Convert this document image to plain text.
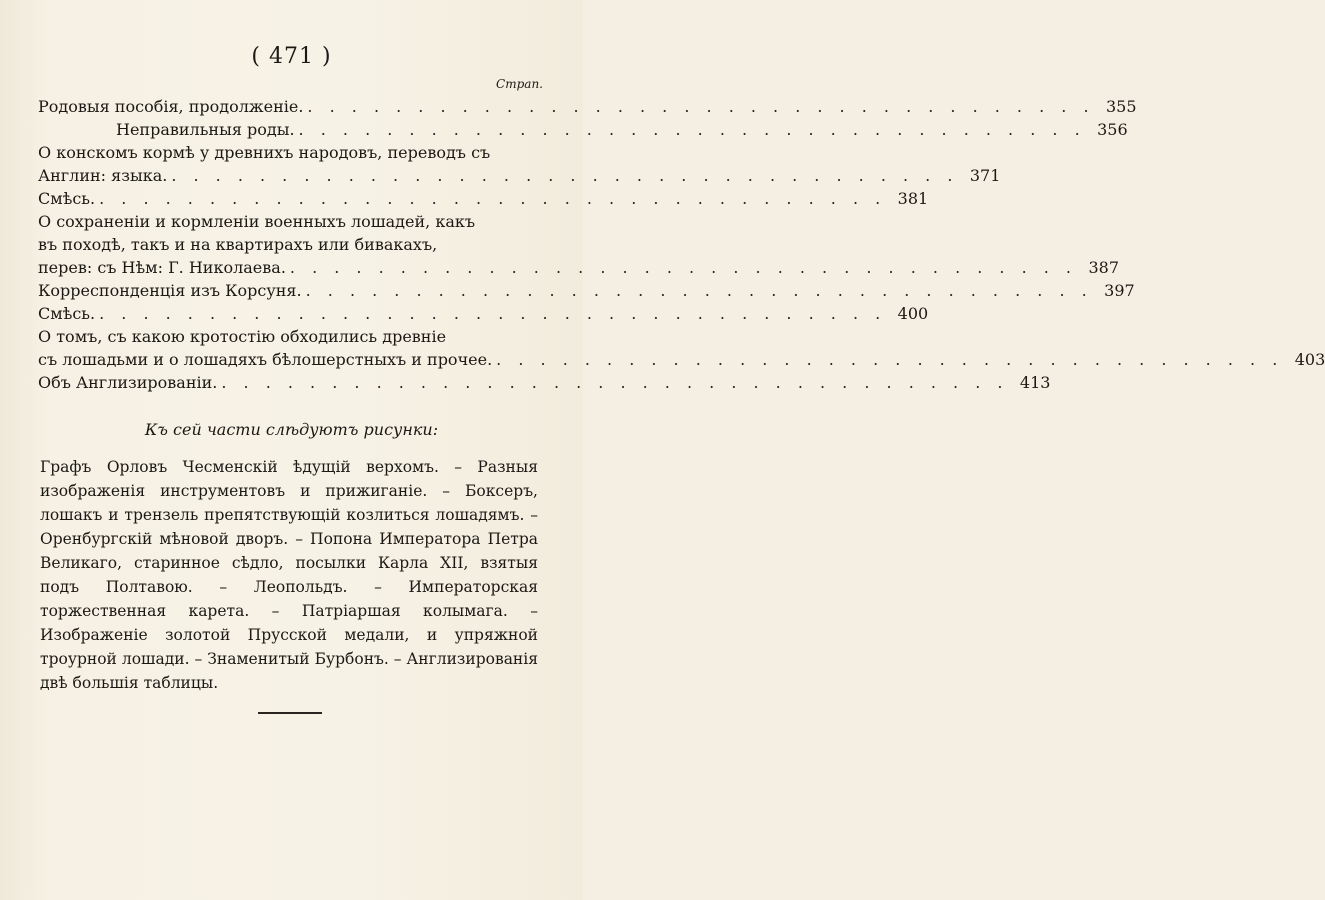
( 471 )
Страп.
Родовыя пособія, продолженіе. . . . . . . . . . . . . . . . . . . . . . . . . . . . . . . . . . . . . 355
Неправильныя роды. . . . . . . . . . . . . . . . . . . . . . . . . . . . . . . . . . . . . 356
О конскомъ кормѣ у древнихъ народовъ, переводъ съ
Англин: языка. . . . . . . . . . . . . . . . . . . . . . . . . . . . . . . . . . . . . 371
Смѣсь. . . . . . . . . . . . . . . . . . . . . . . . . . . . . . . . . . . . . 381
О сохраненіи и кормленіи военныхъ лошадей, какъ
въ походѣ, такъ и на квартирахъ или бивакахъ,
перев: съ Нѣм: Г. Николаева. . . . . . . . . . . . . . . . . . . . . . . . . . . . . . . . . . . . . 387
Корреспонденція изъ Корсуня. . . . . . . . . . . . . . . . . . . . . . . . . . . . . . . . . . . . . 397
Смѣсь. . . . . . . . . . . . . . . . . . . . . . . . . . . . . . . . . . . . . 400
О томъ, съ какою кротостію обходились древніе
съ лошадьми и о лошадяхъ бѣлошерстныхъ и прочее. . . . . . . . . . . . . . . . . . . . . . . . . . . . . . . . . . . . . 403
Объ Англизированіи. . . . . . . . . . . . . . . . . . . . . . . . . . . . . . . . . . . . . 413
Къ сей части слѣдуютъ рисунки:
Графъ Орловъ Чесменскій ѣдущій верхомъ. – Разныя изображенія инструментовъ и прижиганіе. – Боксеръ, лошакъ и трензель препятствующій козлиться лошадямъ. – Оренбургскій мѣновой дворъ. – Попона Императора Петра Великаго, старинное сѣдло, посылки Карла XII, взятыя подъ Полтавою. – Леопольдъ. – Императорская торжественная карета. – Патріаршая колымага. – Изображеніе золотой Прусской медали, и упряжной троурной лошади. – Знаменитый Бурбонъ. – Англизированія двѣ большія таблицы.
